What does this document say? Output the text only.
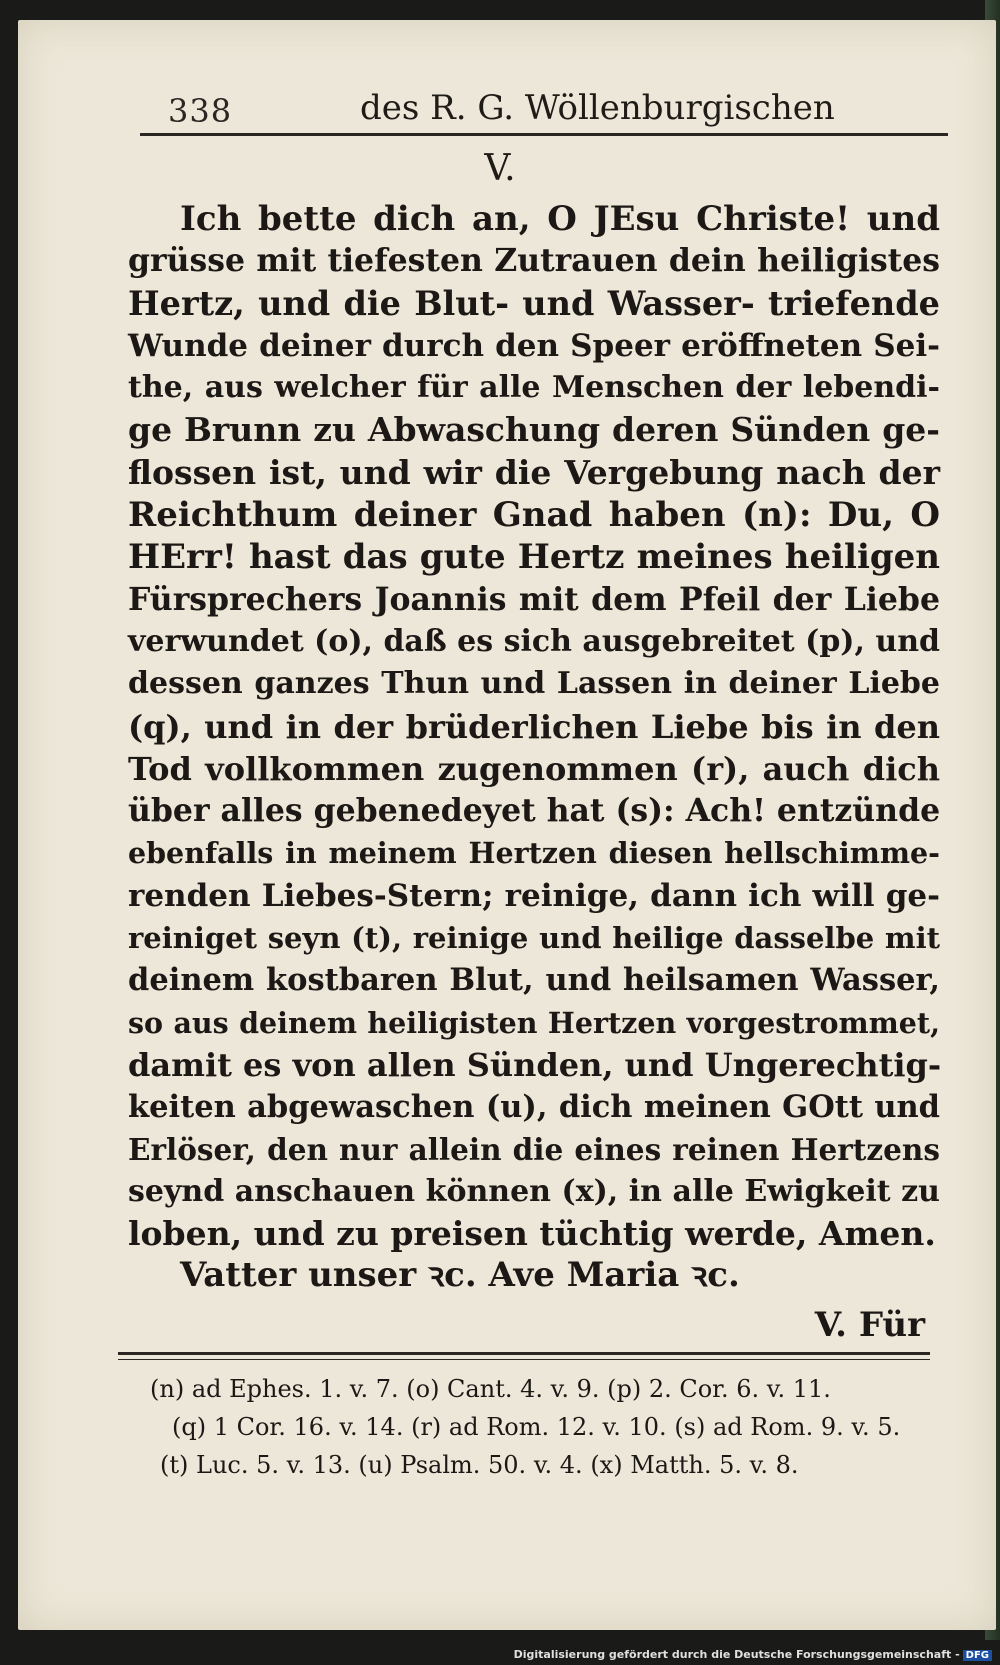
338	des R. G. Wöllenburgischen
V.
Ich bette dich an, O JEsu Christe! und
grüsse mit tiefesten Zutrauen dein heiligistes
Hertz, und die Blut- und Wasser- triefende
Wunde deiner durch den Speer eröffneten Sei-
the, aus welcher für alle Menschen der lebendi-
ge Brunn zu Abwaschung deren Sünden ge-
flossen ist, und wir die Vergebung nach der
Reichthum deiner Gnad haben (n): Du, O
HErr! hast das gute Hertz meines heiligen
Fürsprechers Joannis mit dem Pfeil der Liebe
verwundet (o), daß es sich ausgebreitet (p), und
dessen ganzes Thun und Lassen in deiner Liebe
(q), und in der brüderlichen Liebe bis in den
Tod vollkommen zugenommen (r), auch dich
über alles gebenedeyet hat (s): Ach! entzünde
ebenfalls in meinem Hertzen diesen hellschimme-
renden Liebes-Stern; reinige, dann ich will ge-
reiniget seyn (t), reinige und heilige dasselbe mit
deinem kostbaren Blut, und heilsamen Wasser,
so aus deinem heiligisten Hertzen vorgestrommet,
damit es von allen Sünden, und Ungerechtig-
keiten abgewaschen (u), dich meinen GOtt und
Erlöser, den nur allein die eines reinen Hertzens
seynd anschauen können (x), in alle Ewigkeit zu
loben, und zu preisen tüchtig werde, Amen.
Vatter unser ꝛc. Ave Maria ꝛc.
V. Für
(n) ad Ephes. 1. v. 7. (o) Cant. 4. v. 9. (p) 2. Cor. 6. v. 11.
(q) 1 Cor. 16. v. 14. (r) ad Rom. 12. v. 10. (s) ad Rom. 9. v. 5.
(t) Luc. 5. v. 13. (u) Psalm. 50. v. 4. (x) Matth. 5. v. 8.
Digitalisierung gefördert durch die Deutsche Forschungsgemeinschaft - DFG
